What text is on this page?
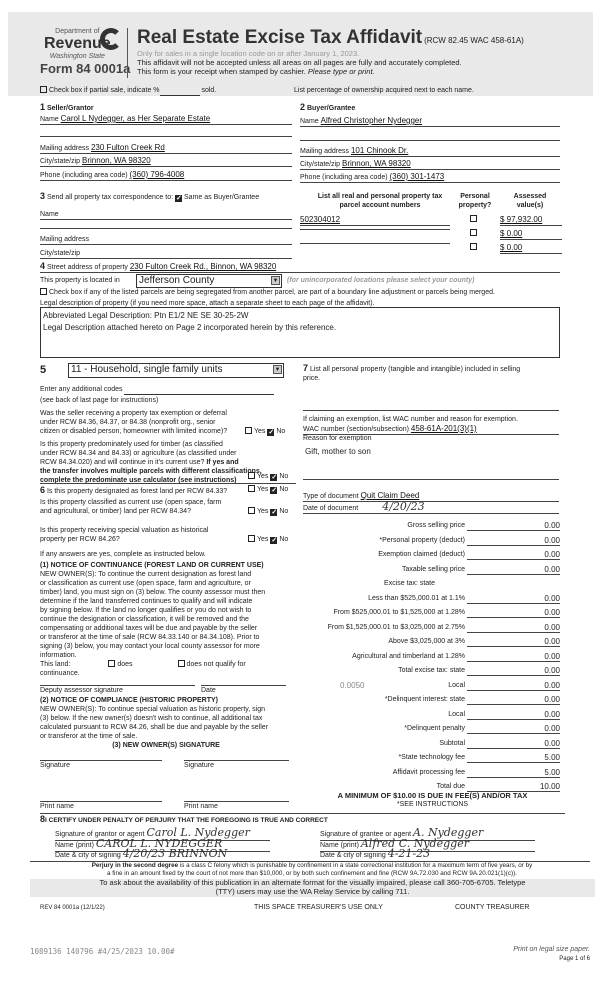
Department of
Revenue
Washington State
Form 84 0001a
Real Estate Excise Tax Affidavit (RCW 82.45 WAC 458-61A)
Only for sales in a single location code on or after January 1, 2023.
This affidavit will not be accepted unless all areas on all pages are fully and accurately completed.
This form is your receipt when stamped by cashier. Please type or print.
Check box if partial sale, indicate %	sold.	List percentage of ownership acquired next to each name.
1 Seller/Grantor
Name Carol L Nydegger, as Her Separate Estate
Mailing address 230 Fulton Creek Rd
City/state/zip Brinnon, WA 98320
Phone (including area code) (360) 796-4008
2 Buyer/Grantee
Name Alfred Christopher Nydegger
Mailing address 101 Chinook Dr.
City/state/zip Brinnon, WA 98320
Phone (including area code) (360) 301-1473
3 Send all property tax correspondence to: ✓ Same as Buyer/Grantee
Name
Mailing address
City/state/zip
List all real and personal property tax
parcel account numbers
Personal
property?
Assessed
value(s)
502304012	$ 97,932.00
$ 0.00
$ 0.00
4 Street address of property 230 Fulton Creek Rd., Binnon, WA 98320
This property is located in	Jefferson County	▼ (for unincorporated locations please select your county)
Check box if any of the listed parcels are being segregated from another parcel, are part of a boundary line adjustment or parcels being merged.
Legal description of property (if you need more space, attach a separate sheet to each page of the affidavit).
Abbreviated Legal Description: Ptn E1/2 NE SE 30-25-2W
Legal Description attached hereto on Page 2 incorporated herein by this reference.
5	11 - Household, single family units	▼
Enter any additional codes
(see back of last page for instructions)
Was the seller receiving a property tax exemption or deferral
under RCW 84.36, 84.37, or 84.38 (nonprofit org., senior
citizen or disabled person, homeowner with limited income)?	Yes ✓ No
Is this property predominately used for timber (as classified
under RCW 84.34 and 84.33) or agriculture (as classified under
RCW 84.34.020) and will continue in it's current use? If yes and
the transfer involves multiple parcels with different classifications,
complete the predominate use calculator (see instructions)
Yes ✓ No
6 Is this property designated as forest land per RCW 84.33?	Yes ✓ No
Is this property classified as current use (open space, farm
and agricultural, or timber) land per RCW 84.34?	Yes ✓ No
Is this property receiving special valuation as historical
property per RCW 84.26?	Yes ✓ No
If any answers are yes, complete as instructed below.
(1) NOTICE OF CONTINUANCE (FOREST LAND OR CURRENT USE)
NEW OWNER(S): To continue the current designation as forest land
or classification as current use (open space, farm and agriculture, or
timber) land, you must sign on (3) below. The county assessor must then
determine if the land transferred continues to qualify and will indicate
by signing below. If the land no longer qualifies or you do not wish to
continue the designation or classification, it will be removed and the
compensating or additional taxes will be due and payable by the seller
or transferor at the time of sale (RCW 84.33.140 or 84.34.108). Prior to
signing (3) below, you may contact your local county assessor for more
information.
This land:	does	does not qualify for
continuance.
Deputy assessor signature	Date
(2) NOTICE OF COMPLIANCE (HISTORIC PROPERTY)
NEW OWNER(S): To continue special valuation as historic property, sign
(3) below. If the new owner(s) doesn't wish to continue, all additional tax
calculated pursuant to RCW 84.26, shall be due and payable by the seller
or transferor at the time of sale.
(3) NEW OWNER(S) SIGNATURE
Signature	Signature
Print name	Print name
7 List all personal property (tangible and intangible) included in selling
price.
If claiming an exemption, list WAC number and reason for exemption.
WAC number (section/subsection) 458-61A-201(3)(1)
Reason for exemption
Gift, mother to son
Type of document Quit Claim Deed
Date of document 4/20/23
Gross selling price	0.00
*Personal property (deduct)	0.00
Exemption claimed (deduct)	0.00
Taxable selling price	0.00
Excise tax: state
Less than $525,000.01 at 1.1%	0.00
From $525,000.01 to $1,525,000 at 1.28%	0.00
From $1,525,000.01 to $3,025,000 at 2.75%	0.00
Above $3,025,000 at 3%	0.00
Agricultural and timberland at 1.28%	0.00
Total excise tax: state	0.00
Local
0.0050	0.00
*Delinquent interest: state	0.00
Local	0.00
*Delinquent penalty	0.00
Subtotal	0.00
*State technology fee	5.00
Affidavit processing fee	5.00
Total due	10.00
A MINIMUM OF $10.00 IS DUE IN FEE(S) AND/OR TAX
*SEE INSTRUCTIONS
8I CERTIFY UNDER PENALTY OF PERJURY THAT THE FOREGOING IS TRUE AND CORRECT
Signature of grantor or agent Carol L. Nydegger
Name (print) CAROL L. NYDEGGER
Date & city of signing 4/20/23 BRINNON
Signature of grantee or agent A. Nydegger
Name (print) Alfred C. Nydegger
Date & city of signing 4-21-23
Perjury in the second degree is a class C felony which is punishable by confinement in a state correctional institution for a maximum term of five years, or by
a fine in an amount fixed by the court of not more than $10,000, or by both such confinement and fine (RCW 9A.72.030 and RCW 9A.20.021(1)(c)).
To ask about the availability of this publication in an alternate format for the visually impaired, please call 360-705-6705. Teletype
(TTY) users may use the WA Relay Service by calling 711.
REV 84 0001a (12/1/22)	THIS SPACE TREASURER'S USE ONLY	COUNTY TREASURER
1089136 140796 #4/25/2023 10.00#	Print on legal size paper.
Page 1 of 6
